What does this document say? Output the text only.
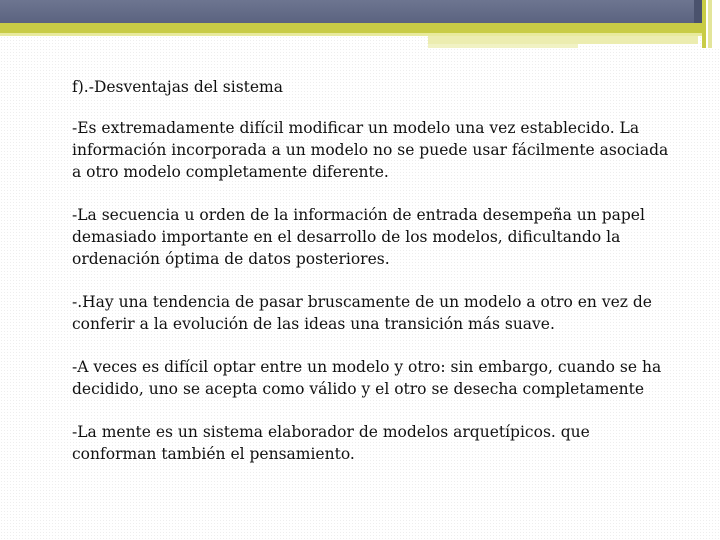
f).-Desventajas del sistema

-Es extremadamente difícil modificar un modelo una vez establecido. La información incorporada a un modelo no se puede usar fácilmente asociada a otro modelo completamente diferente.

-La secuencia u orden de la información de entrada desempeña un papel demasiado importante en el desarrollo de los modelos, dificultando la ordenación óptima de datos posteriores.

-.Hay una tendencia de pasar bruscamente de un modelo a otro en vez de conferir a la evolución de las ideas una transición más suave.

-A veces es difícil optar entre un modelo y otro: sin embargo, cuando se ha decidido, uno se acepta como válido y el otro se desecha completamente

-La mente es un sistema elaborador de modelos arquetípicos. que conforman también el pensamiento.
